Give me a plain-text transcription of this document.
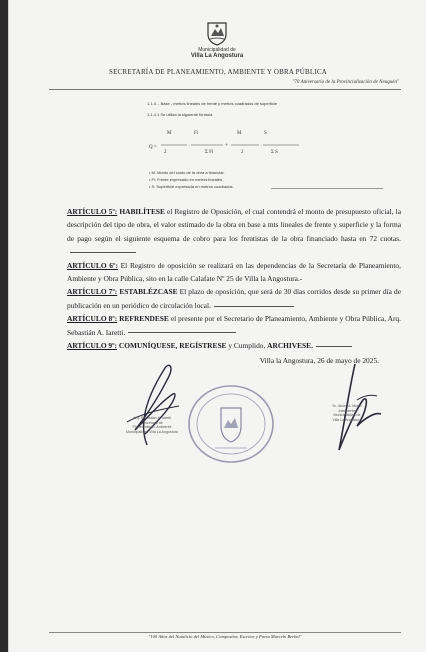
Municipalidad de
Villa La Angostura
SECRETARÍA DE PLANEAMIENTO, AMBIENTE Y OBRA PÚBLICA
"70 Aniversario de la Provincialización de Neuquén"
1.1.4. - Base - metros lineales de frente y metros cuadrados de superficie
1.1.4.1 Se utiliza la siguiente fórmula
Q =
M	Fl	M	S
·	+	·
2	Σ Fl	2	Σ S
• M: Monto del costo de la obra a financiar.
• Fl: Frente expresado en metros lineales.
• S: Superficie expresada en metros cuadrados.

ARTÍCULO 5º: HABILÍTESE el Registro de Oposición, el cual contendrá el monto de presupuesto oficial, la descripción del tipo de obra, el valor estimado de la obra en base a mts lineales de frente y superficie y la forma de pago según el siguiente esquema de cobro para los frentistas de la obra financiado hasta en 72 cuotas.

ARTÍCULO 6º: El Registro de oposición se realizará en las dependencias de la Secretaría de Planeamiento, Ambiente y Obra Pública, sito en la calle Calafate Nº 25 de Villa la Angostura.-

ARTÍCULO 7º: ESTABLÉZCASE El plazo de oposición, que será de 30 días corridos desde su primer día de publicación en un periódico de circulación local.

ARTÍCULO 8º: REFRENDESE el presente por el Secretario de Planeamiento, Ambiente y Obra Pública, Arq. Sebastián A. Iaretti.

ARTÍCULO 9º: COMUNÍQUESE, REGÍSTRESE y Cumplido, ARCHIVESE.

Villa la Angostura, 26 de mayo de 2025.
Arq. Sebastián A. Iaretti
Secretario de
Planeamiento, Ambiente
Municipalidad Villa La Angostura
Sr. Javier A. Murer
Intendente
Municipalidad de
Villa La Angostura
"100 Años del Natalicio del Músico, Compositor, Escritor y Poeta Marcelo Berbel"
